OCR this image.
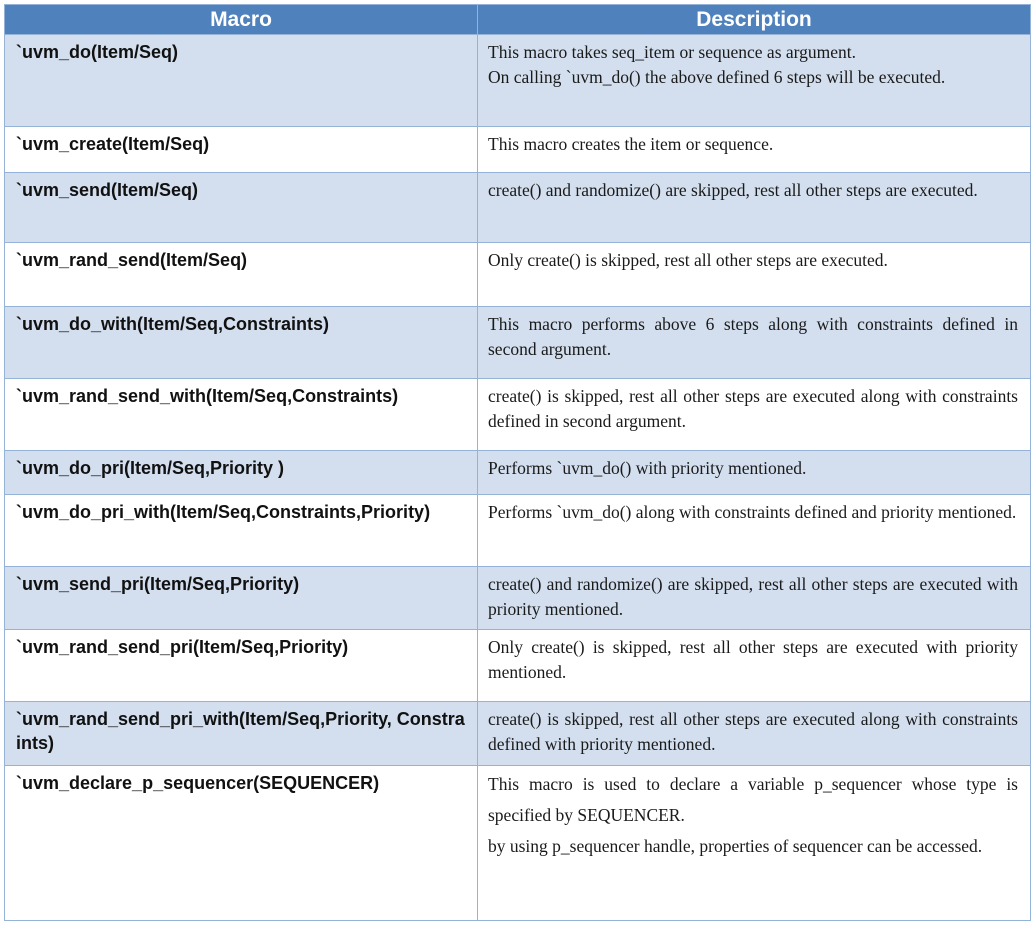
Macro	Description
`uvm_do(Item/Seq)	This macro takes seq_item or sequence as argument.

On calling `uvm_do() the above defined 6 steps will be executed.

`uvm_create(Item/Seq)	This macro creates the item or sequence.

`uvm_send(Item/Seq)	create() and randomize() are skipped, rest all other steps are executed.

`uvm_rand_send(Item/Seq)	Only create() is skipped, rest all other steps are executed.

`uvm_do_with(Item/Seq,Constraints)	This macro performs above 6 steps along with constraints defined in second argument.

`uvm_rand_send_with(Item/Seq,Constraints)	create() is skipped, rest all other steps are executed along with constraints defined in second argument.

`uvm_do_pri(Item/Seq,Priority )	Performs `uvm_do() with priority mentioned.

`uvm_do_pri_with(Item/Seq,Constraints,Priority)	Performs `uvm_do() along with constraints defined and priority mentioned.

`uvm_send_pri(Item/Seq,Priority)	create() and randomize() are skipped, rest all other steps are executed with priority mentioned.

`uvm_rand_send_pri(Item/Seq,Priority)	Only create() is skipped, rest all other steps are executed with priority mentioned.

`uvm_rand_send_pri_with(Item/Seq,Priority, Constraints)	create() is skipped, rest all other steps are executed along with constraints defined with priority mentioned.

`uvm_declare_p_sequencer(SEQUENCER)	This macro is used to declare a variable p_sequencer whose type is specified by SEQUENCER.

by using p_sequencer handle, properties of sequencer can be accessed.
